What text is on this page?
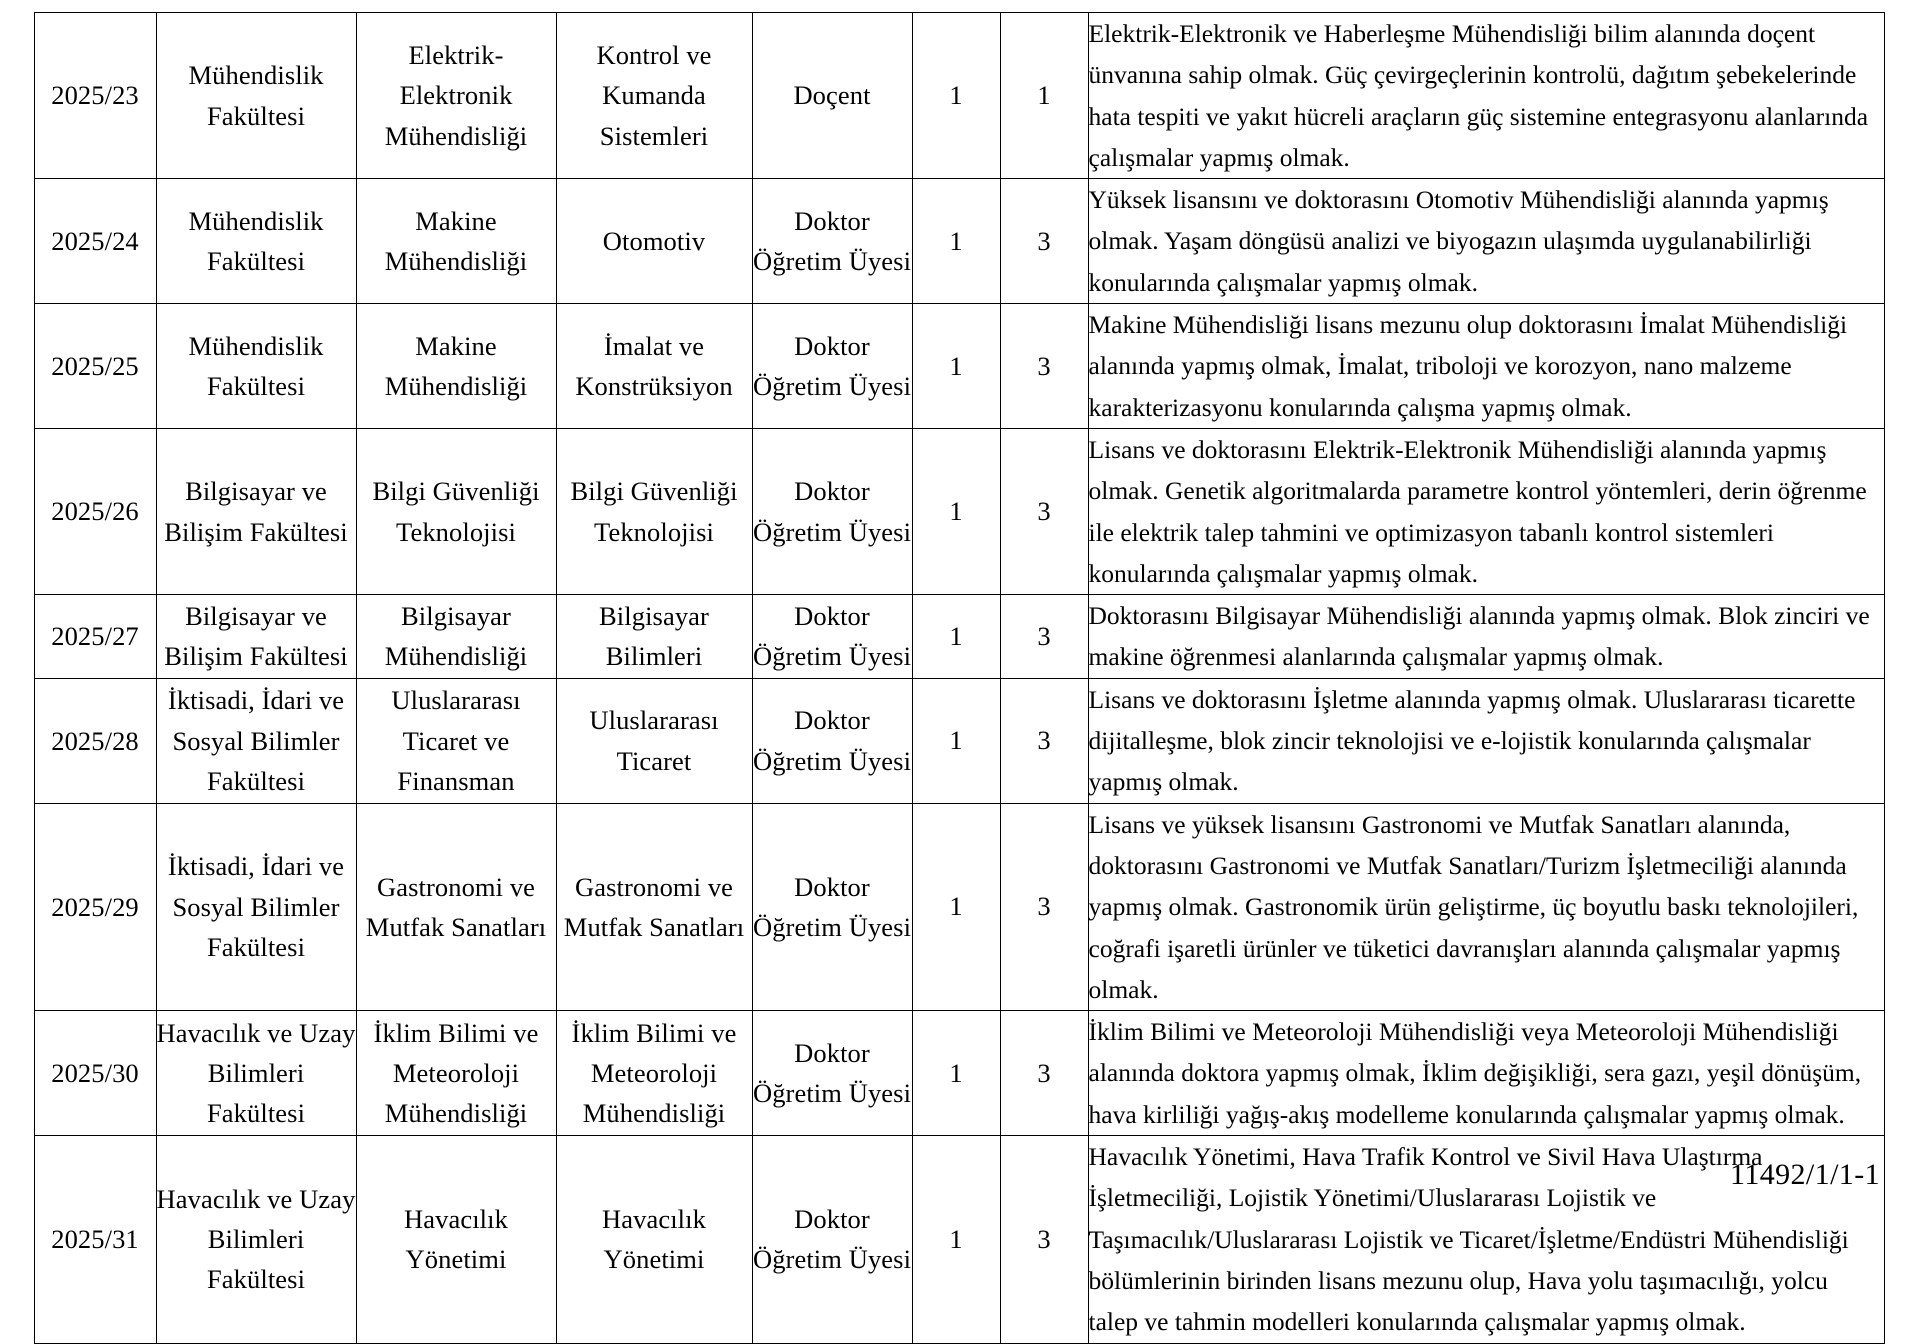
2025/23	Mühendislik Fakültesi	Elektrik-Elektronik Mühendisliği	Kontrol ve Kumanda Sistemleri	Doçent	1	1	Elektrik-Elektronik ve Haberleşme Mühendisliği bilim alanında doçent ünvanına sahip olmak. Güç çevirgeçlerinin kontrolü, dağıtım şebekelerinde hata tespiti ve yakıt hücreli araçların güç sistemine entegrasyonu alanlarında çalışmalar yapmış olmak.
2025/24	Mühendislik Fakültesi	Makine Mühendisliği	Otomotiv	Doktor Öğretim Üyesi	1	3	Yüksek lisansını ve doktorasını Otomotiv Mühendisliği alanında yapmış olmak. Yaşam döngüsü analizi ve biyogazın ulaşımda uygulanabilirliği konularında çalışmalar yapmış olmak.
2025/25	Mühendislik Fakültesi	Makine Mühendisliği	İmalat ve Konstrüksiyon	Doktor Öğretim Üyesi	1	3	Makine Mühendisliği lisans mezunu olup doktorasını İmalat Mühendisliği alanında yapmış olmak, İmalat, triboloji ve korozyon, nano malzeme karakterizasyonu konularında çalışma yapmış olmak.
2025/26	Bilgisayar ve Bilişim Fakültesi	Bilgi Güvenliği Teknolojisi	Bilgi Güvenliği Teknolojisi	Doktor Öğretim Üyesi	1	3	Lisans ve doktorasını Elektrik-Elektronik Mühendisliği alanında yapmış olmak. Genetik algoritmalarda parametre kontrol yöntemleri, derin öğrenme ile elektrik talep tahmini ve optimizasyon tabanlı kontrol sistemleri konularında çalışmalar yapmış olmak.
2025/27	Bilgisayar ve Bilişim Fakültesi	Bilgisayar Mühendisliği	Bilgisayar Bilimleri	Doktor Öğretim Üyesi	1	3	Doktorasını Bilgisayar Mühendisliği alanında yapmış olmak. Blok zinciri ve makine öğrenmesi alanlarında çalışmalar yapmış olmak.
2025/28	İktisadi, İdari ve Sosyal Bilimler Fakültesi	Uluslararası Ticaret ve Finansman	Uluslararası Ticaret	Doktor Öğretim Üyesi	1	3	Lisans ve doktorasını İşletme alanında yapmış olmak. Uluslararası ticarette dijitalleşme, blok zincir teknolojisi ve e-lojistik konularında çalışmalar yapmış olmak.
2025/29	İktisadi, İdari ve Sosyal Bilimler Fakültesi	Gastronomi ve Mutfak Sanatları	Gastronomi ve Mutfak Sanatları	Doktor Öğretim Üyesi	1	3	Lisans ve yüksek lisansını Gastronomi ve Mutfak Sanatları alanında, doktorasını Gastronomi ve Mutfak Sanatları/Turizm İşletmeciliği alanında yapmış olmak. Gastronomik ürün geliştirme, üç boyutlu baskı teknolojileri, coğrafi işaretli ürünler ve tüketici davranışları alanında çalışmalar yapmış olmak.
2025/30	Havacılık ve Uzay Bilimleri Fakültesi	İklim Bilimi ve Meteoroloji Mühendisliği	İklim Bilimi ve Meteoroloji Mühendisliği	Doktor Öğretim Üyesi	1	3	İklim Bilimi ve Meteoroloji Mühendisliği veya Meteoroloji Mühendisliği alanında doktora yapmış olmak, İklim değişikliği, sera gazı, yeşil dönüşüm, hava kirliliği yağış-akış modelleme konularında çalışmalar yapmış olmak.
2025/31	Havacılık ve Uzay Bilimleri Fakültesi	Havacılık Yönetimi	Havacılık Yönetimi	Doktor Öğretim Üyesi	1	3	Havacılık Yönetimi, Hava Trafik Kontrol ve Sivil Hava Ulaştırma İşletmeciliği, Lojistik Yönetimi/Uluslararası Lojistik ve Taşımacılık/Uluslararası Lojistik ve Ticaret/İşletme/Endüstri Mühendisliği bölümlerinin birinden lisans mezunu olup, Hava yolu taşımacılığı, yolcu talep ve tahmin modelleri konularında çalışmalar yapmış olmak.
11492/1/1-1
